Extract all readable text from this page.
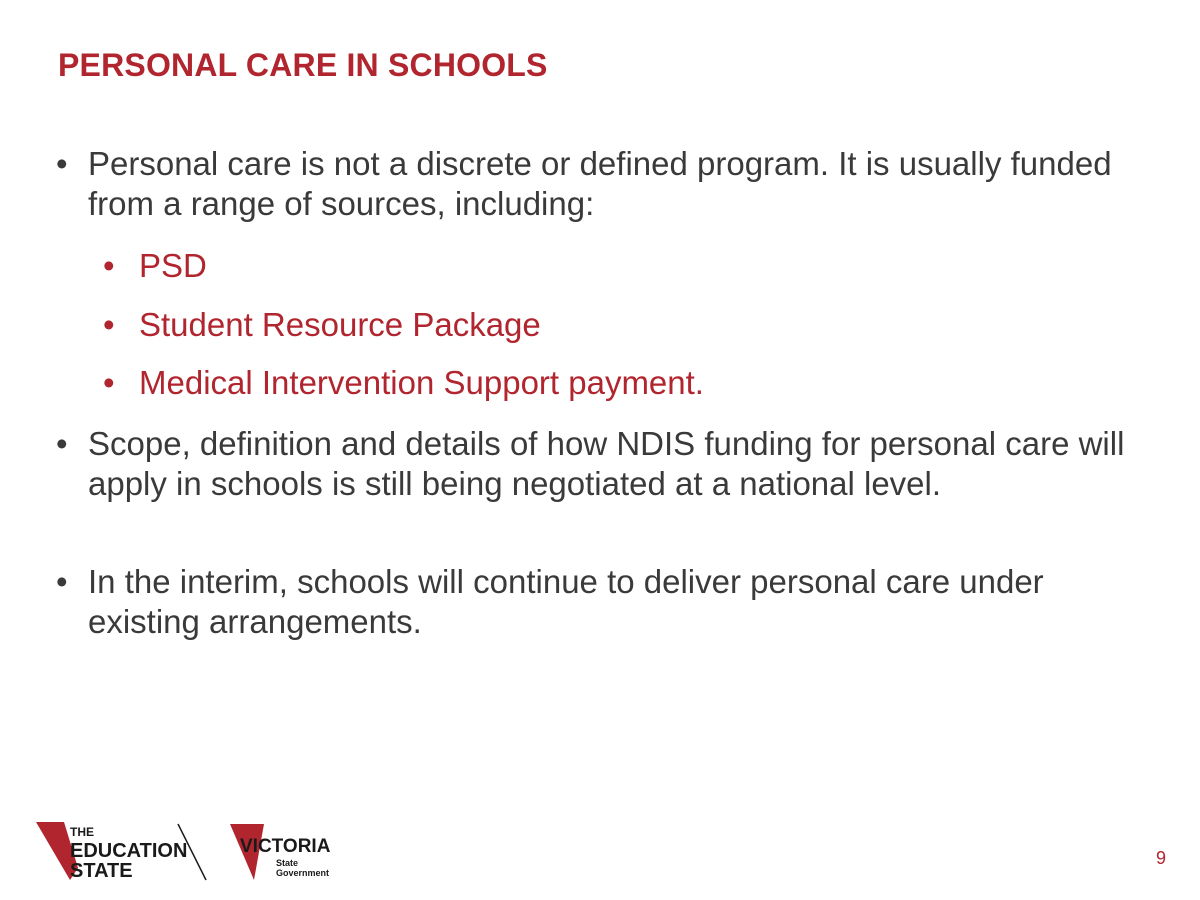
PERSONAL CARE IN SCHOOLS
• Personal care is not a discrete or defined program. It is usually funded from a range of sources, including:
• PSD
• Student Resource Package
• Medical Intervention Support payment.
• Scope, definition and details of how NDIS funding for personal care will apply in schools is still being negotiated at a national level.
• In the interim, schools will continue to deliver personal care under existing arrangements.
THE
EDUCATION
STATE
VICTORIA
State
Government
9
